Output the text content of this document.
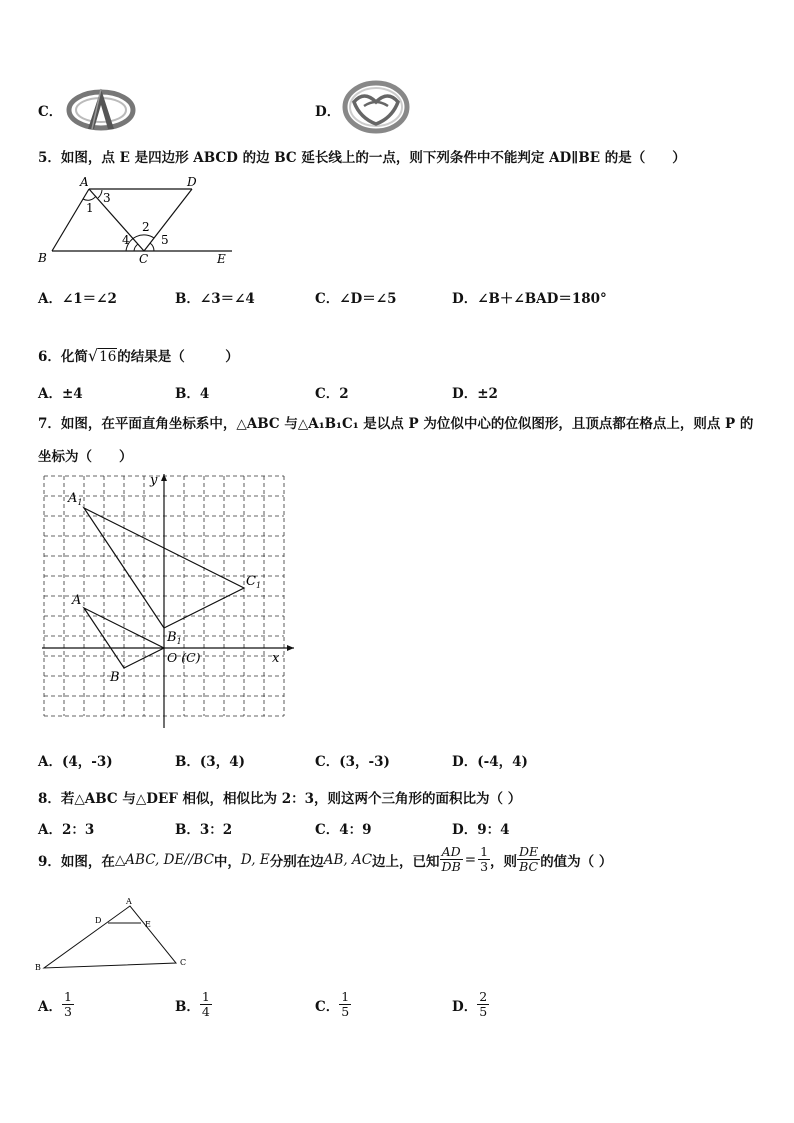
C．	D．
5．如图，点 E 是四边形 ABCD 的边 BC 延长线上的一点，则下列条件中不能判定 AD∥BE 的是（　　）
A	D
B	C	E
1
2
3
4	5
A．∠1＝∠2	B．∠3＝∠4	C．∠D＝∠5	D．∠B＋∠BAD＝180°
6．化简√16的结果是（　　　）
A．±4	B．4	C．2	D．±2
7．如图，在平面直角坐标系中，△ABC 与△A₁B₁C₁ 是以点 P 为位似中心的位似图形，且顶点都在格点上，则点 P 的
坐标为（　　）
$A_1$
$C_1$
A
$B_1$
O (C)
B
x
y
A．(4，-3)	B．(3，4)	C．(3，-3)	D．(-4，4)
8．若△ABC 与△DEF 相似，相似比为 2：3，则这两个三角形的面积比为（ ）
A．2：3	B．3：2	C．4：9	D．9：4
9．如图，在 △ABC, DE//BC 中， D, E 分别在边 AB, AC 边上，已知 $\frac{AD}{DB} = \frac{1}{3}$ ，则 $\frac{DE}{BC}$ 的值为（ ）
A
D	E
B
C
A． $\frac{1}{3}$	B． $\frac{1}{4}$	C． $\frac{1}{5}$	D． $\frac{2}{5}$
